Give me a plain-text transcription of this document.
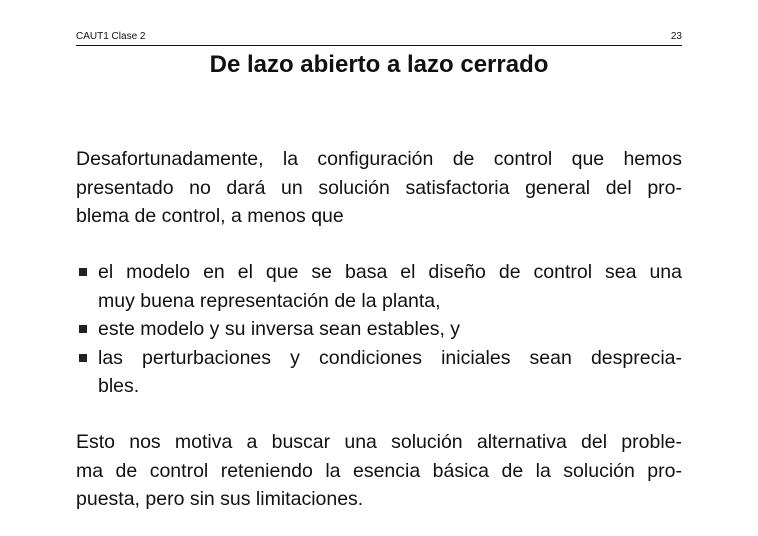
CAUT1 Clase 2	23
De lazo abierto a lazo cerrado
Desafortunadamente, la configuración de control que hemos
presentado no dará un solución satisfactoria general del pro-
blema de control, a menos que
el modelo en el que se basa el diseño de control sea una
muy buena representación de la planta,
este modelo y su inversa sean estables, y
las perturbaciones y condiciones iniciales sean desprecia-
bles.
Esto nos motiva a buscar una solución alternativa del proble-
ma de control reteniendo la esencia básica de la solución pro-
puesta, pero sin sus limitaciones.
